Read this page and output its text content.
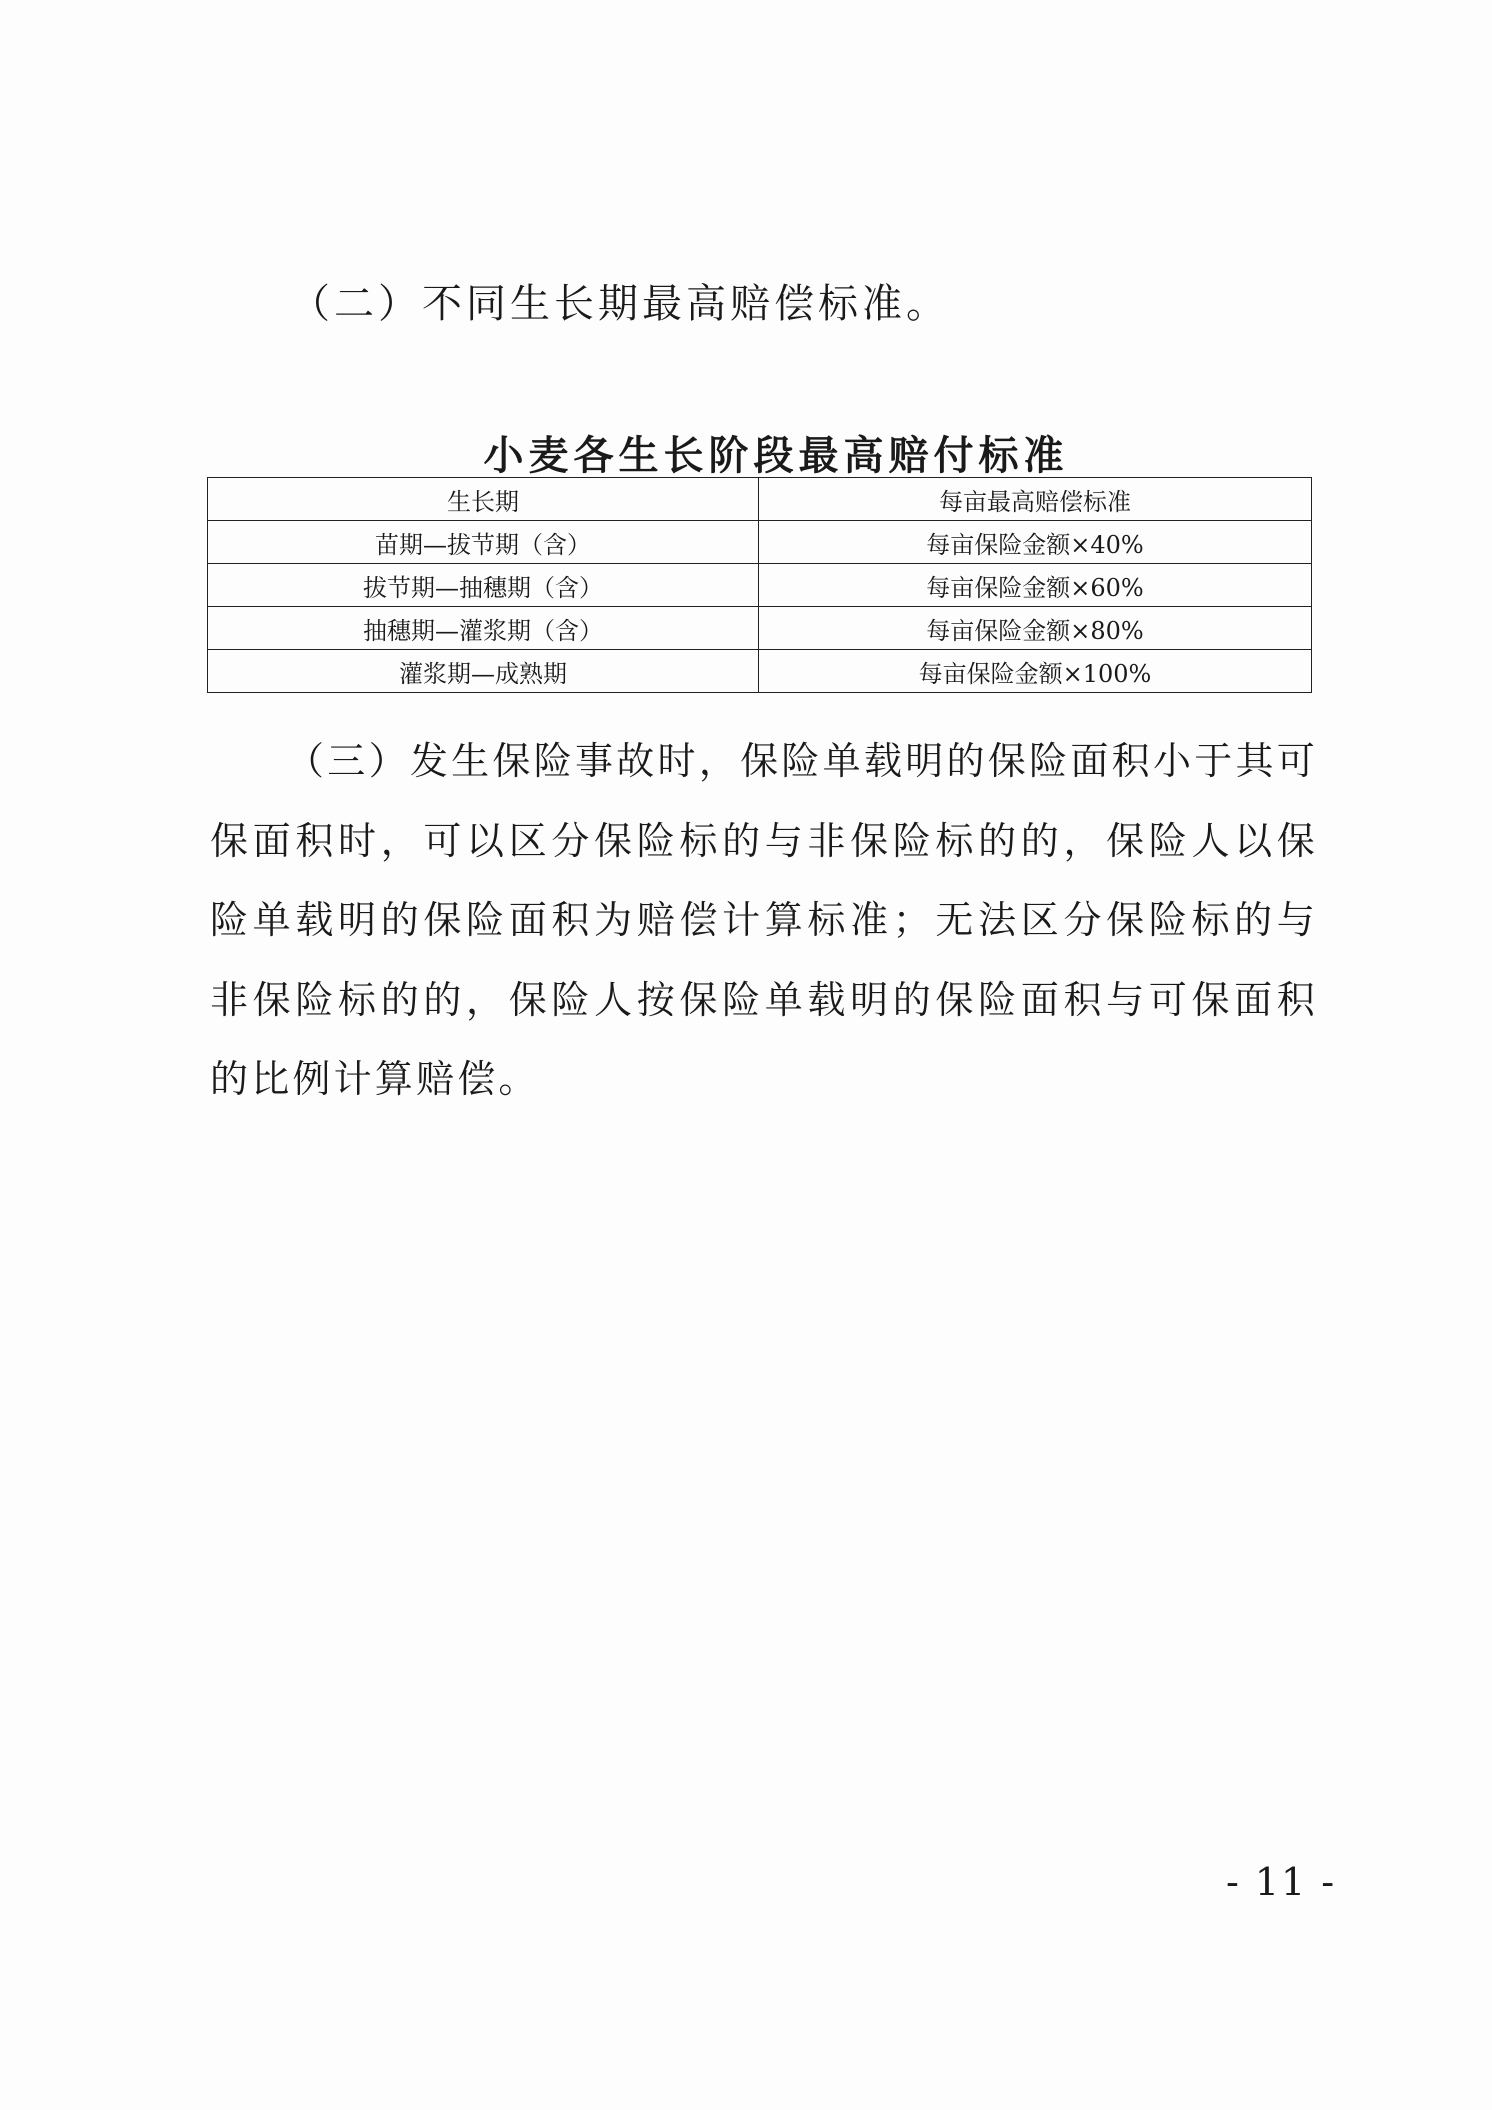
（二）不同生长期最高赔偿标准。
小麦各生长阶段最高赔付标准
生长期	每亩最高赔偿标准
苗期—拔节期（含）	每亩保险金额×40%
拔节期—抽穗期（含）	每亩保险金额×60%
抽穗期—灌浆期（含）	每亩保险金额×80%
灌浆期—成熟期	每亩保险金额×100%
（三）发生保险事故时，保险单载明的保险面积小于其可保面积时，可以区分保险标的与非保险标的的，保险人以保险单载明的保险面积为赔偿计算标准；无法区分保险标的与非保险标的的，保险人按保险单载明的保险面积与可保面积的比例计算赔偿。
- 11 -
